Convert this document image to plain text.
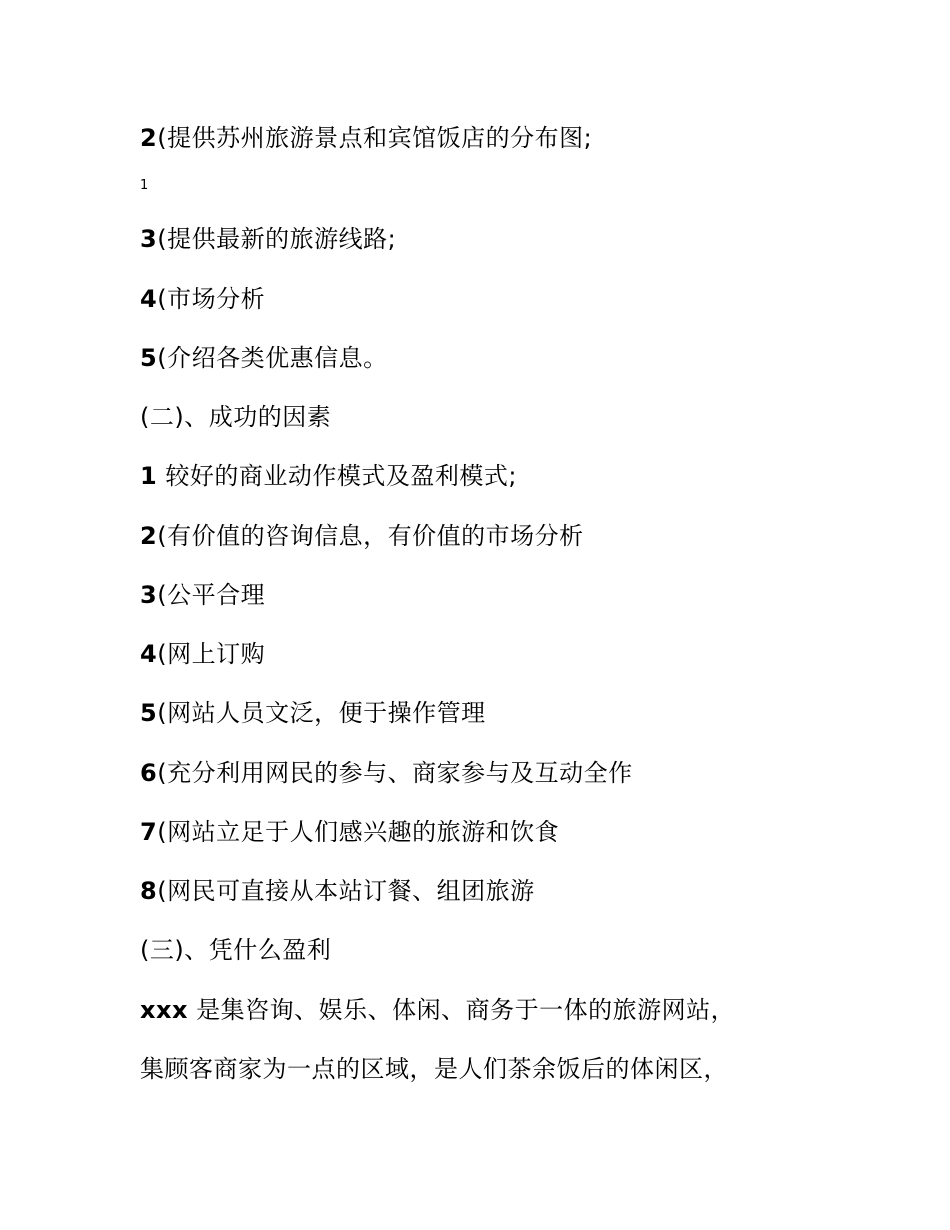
2(提供苏州旅游景点和宾馆饭店的分布图;
1
3(提供最新的旅游线路;
4(市场分析
5(介绍各类优惠信息。
(二)、成功的因素
1 较好的商业动作模式及盈利模式;
2(有价值的咨询信息，有价值的市场分析
3(公平合理
4(网上订购
5(网站人员文泛，便于操作管理
6(充分利用网民的参与、商家参与及互动全作
7(网站立足于人们感兴趣的旅游和饮食
8(网民可直接从本站订餐、组团旅游
(三)、凭什么盈利
xxx 是集咨询、娱乐、体闲、商务于一体的旅游网站，
集顾客商家为一点的区域，是人们茶余饭后的体闲区，
